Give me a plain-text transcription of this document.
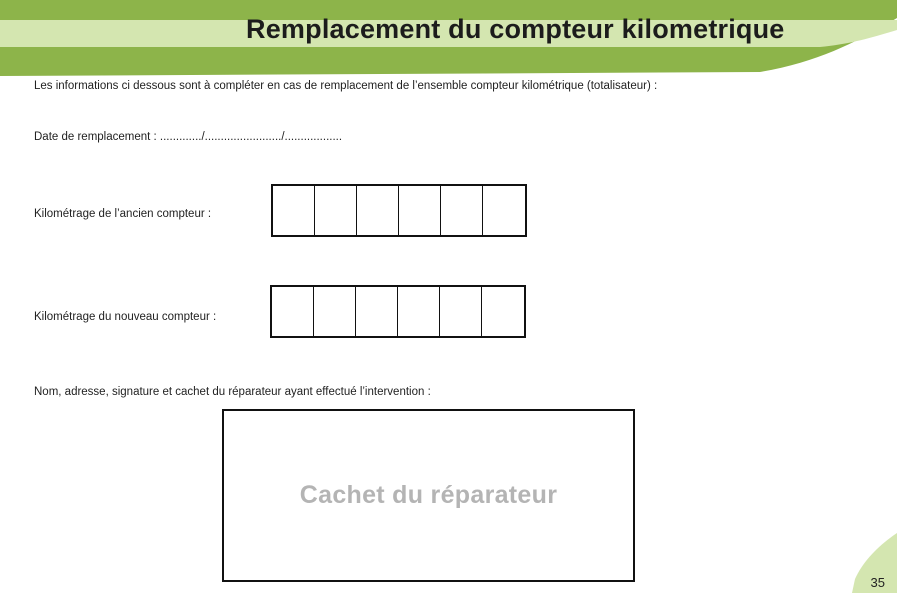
Remplacement du compteur kilometrique
Les informations ci dessous sont à compléter en cas de remplacement de l’ensemble compteur kilométrique (totalisateur) :
Date de remplacement : ............./......................../..................
Kilométrage de l’ancien compteur :
Kilométrage du nouveau compteur :
Nom, adresse, signature et cachet du réparateur ayant effectué l’intervention :
Cachet du réparateur
35
